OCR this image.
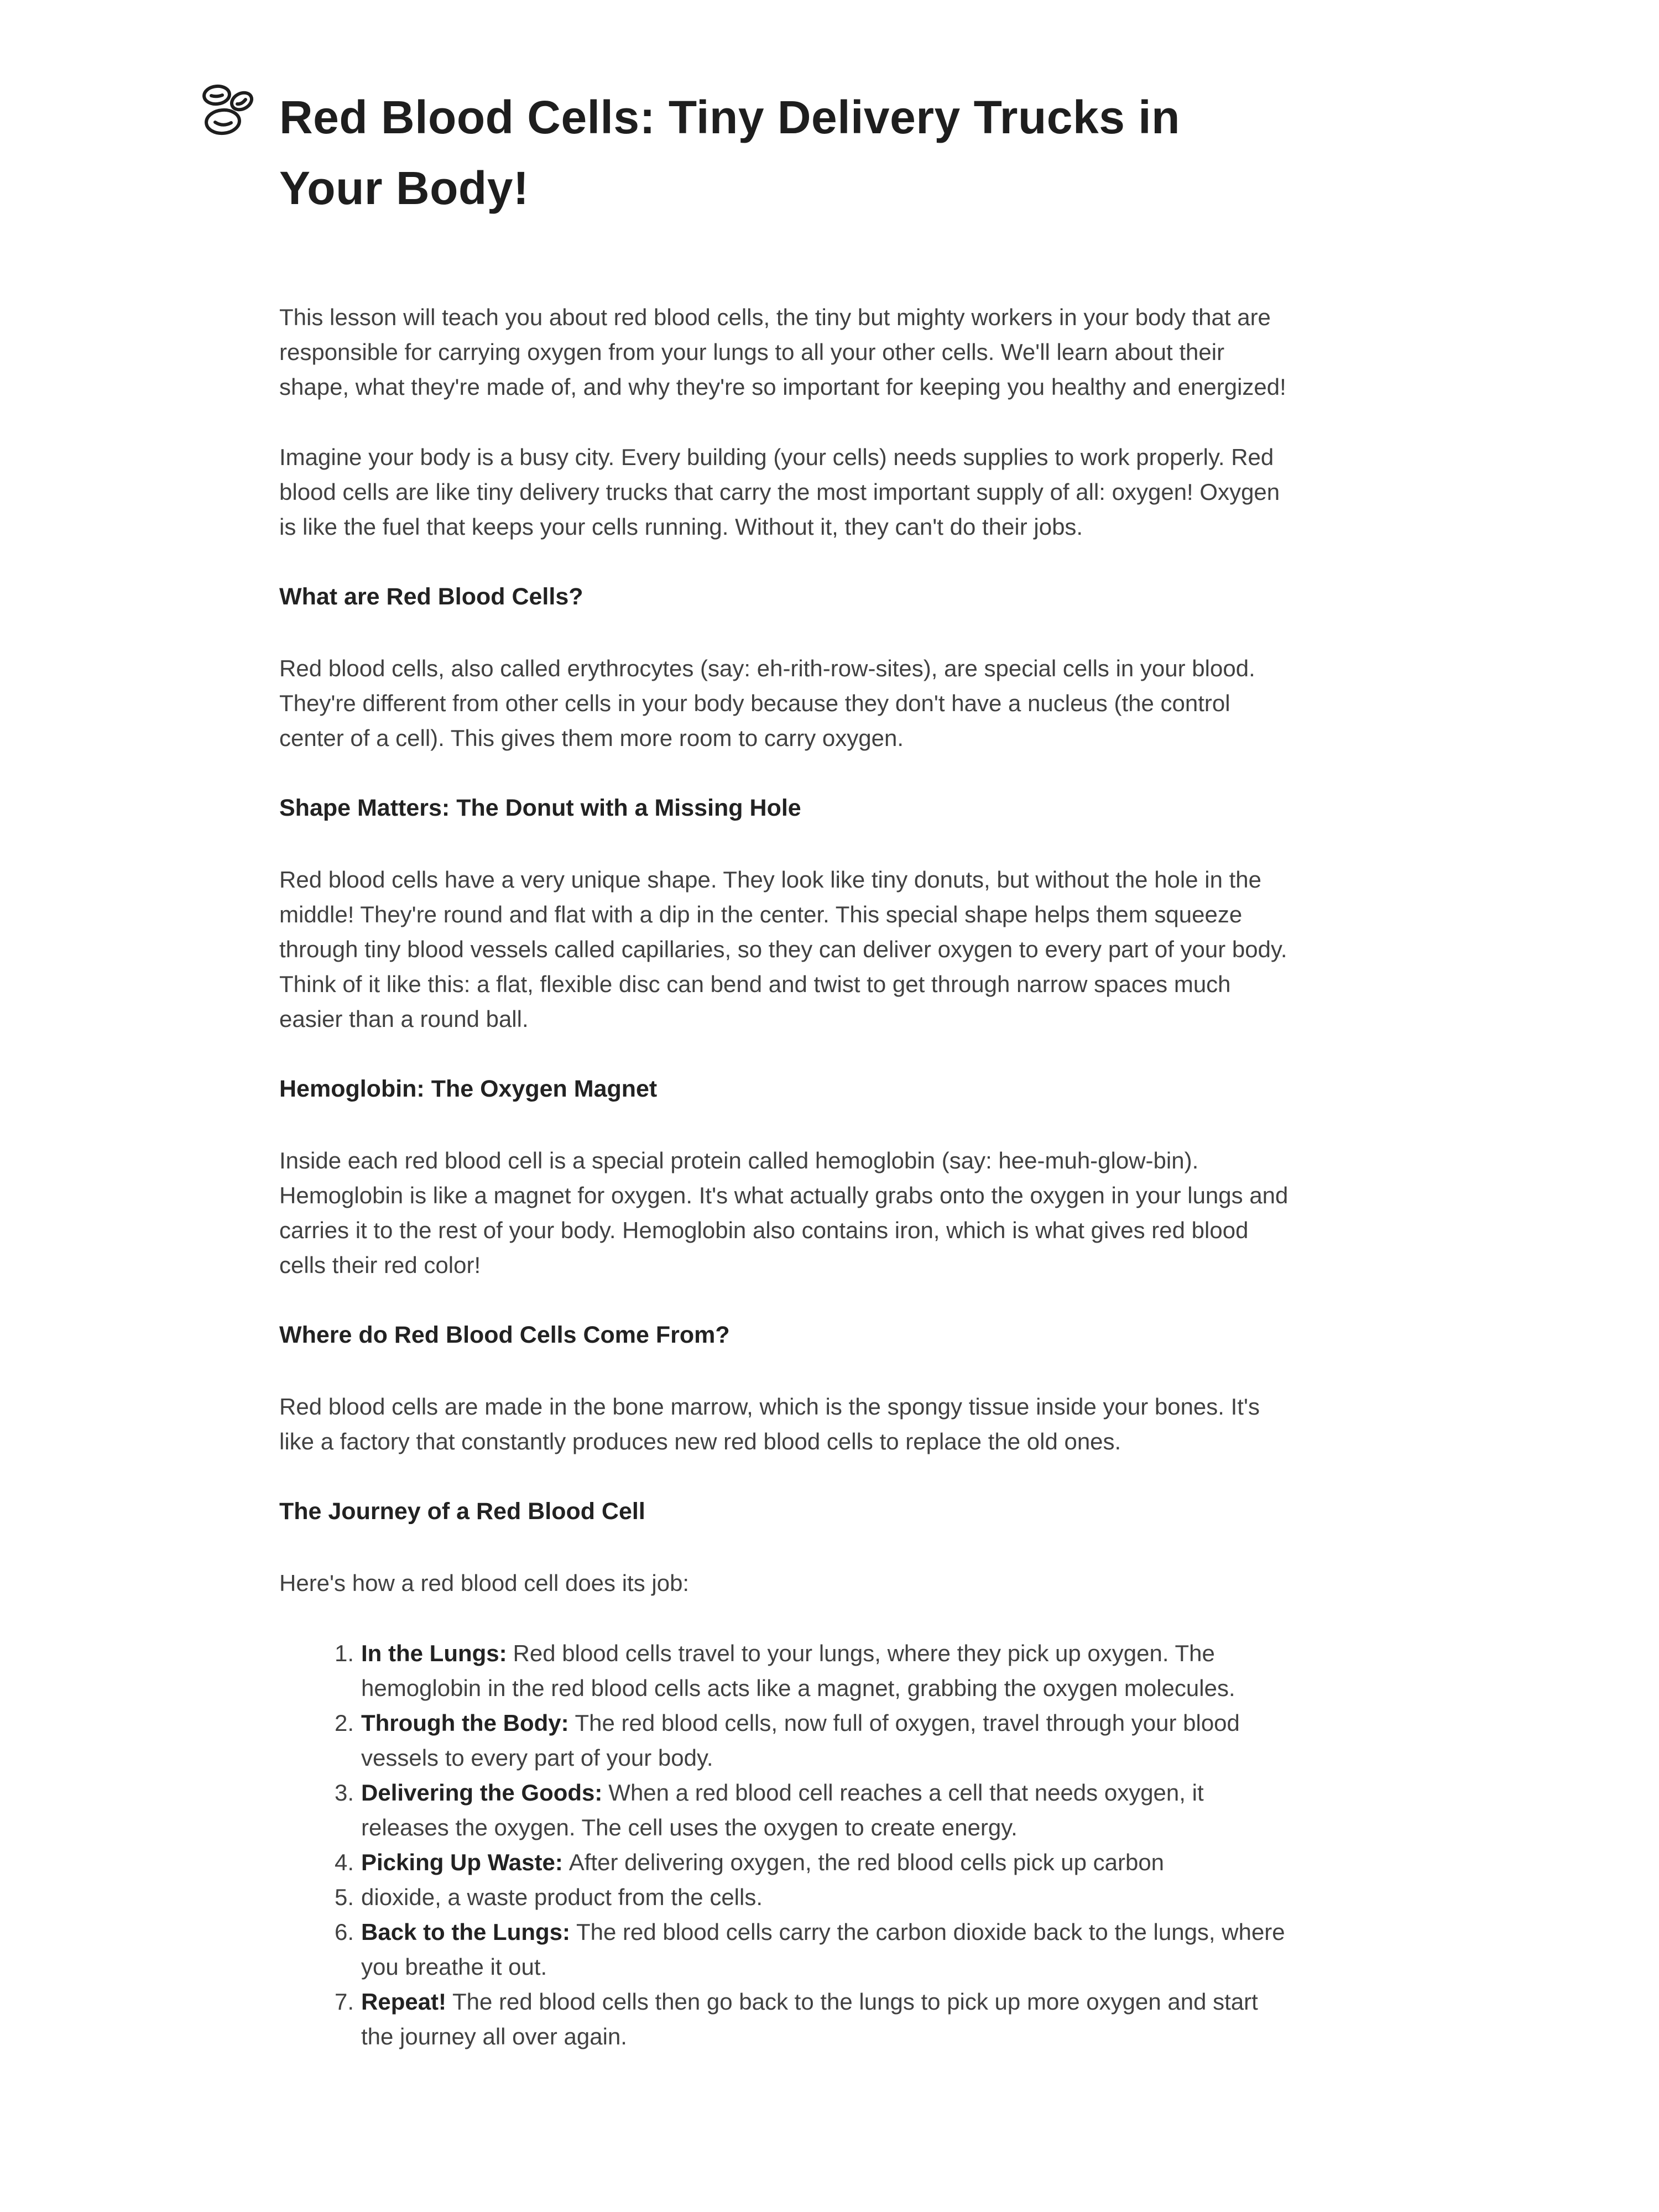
Red Blood Cells: Tiny Delivery Trucks in
Your Body!

This lesson will teach you about red blood cells, the tiny but mighty workers in your body that are responsible for carrying oxygen from your lungs to all your other cells. We'll learn about their shape, what they're made of, and why they're so important for keeping you healthy and energized!

Imagine your body is a busy city. Every building (your cells) needs supplies to work properly. Red blood cells are like tiny delivery trucks that carry the most important supply of all: oxygen! Oxygen is like the fuel that keeps your cells running. Without it, they can't do their jobs.

What are Red Blood Cells?

Red blood cells, also called erythrocytes (say: eh-rith-row-sites), are special cells in your blood. They're different from other cells in your body because they don't have a nucleus (the control center of a cell). This gives them more room to carry oxygen.

Shape Matters: The Donut with a Missing Hole

Red blood cells have a very unique shape. They look like tiny donuts, but without the hole in the middle! They're round and flat with a dip in the center. This special shape helps them squeeze through tiny blood vessels called capillaries, so they can deliver oxygen to every part of your body. Think of it like this: a flat, flexible disc can bend and twist to get through narrow spaces much easier than a round ball.

Hemoglobin: The Oxygen Magnet

Inside each red blood cell is a special protein called hemoglobin (say: hee-muh-glow-bin). Hemoglobin is like a magnet for oxygen. It's what actually grabs onto the oxygen in your lungs and carries it to the rest of your body. Hemoglobin also contains iron, which is what gives red blood cells their red color!

Where do Red Blood Cells Come From?

Red blood cells are made in the bone marrow, which is the spongy tissue inside your bones. It's like a factory that constantly produces new red blood cells to replace the old ones.

The Journey of a Red Blood Cell

Here's how a red blood cell does its job:

1. In the Lungs: Red blood cells travel to your lungs, where they pick up oxygen. The hemoglobin in the red blood cells acts like a magnet, grabbing the oxygen molecules.
2. Through the Body: The red blood cells, now full of oxygen, travel through your blood vessels to every part of your body.
3. Delivering the Goods: When a red blood cell reaches a cell that needs oxygen, it releases the oxygen. The cell uses the oxygen to create energy.
4. Picking Up Waste: After delivering oxygen, the red blood cells pick up carbon
5. dioxide, a waste product from the cells.
6. Back to the Lungs: The red blood cells carry the carbon dioxide back to the lungs, where you breathe it out.
7. Repeat! The red blood cells then go back to the lungs to pick up more oxygen and start the journey all over again.
